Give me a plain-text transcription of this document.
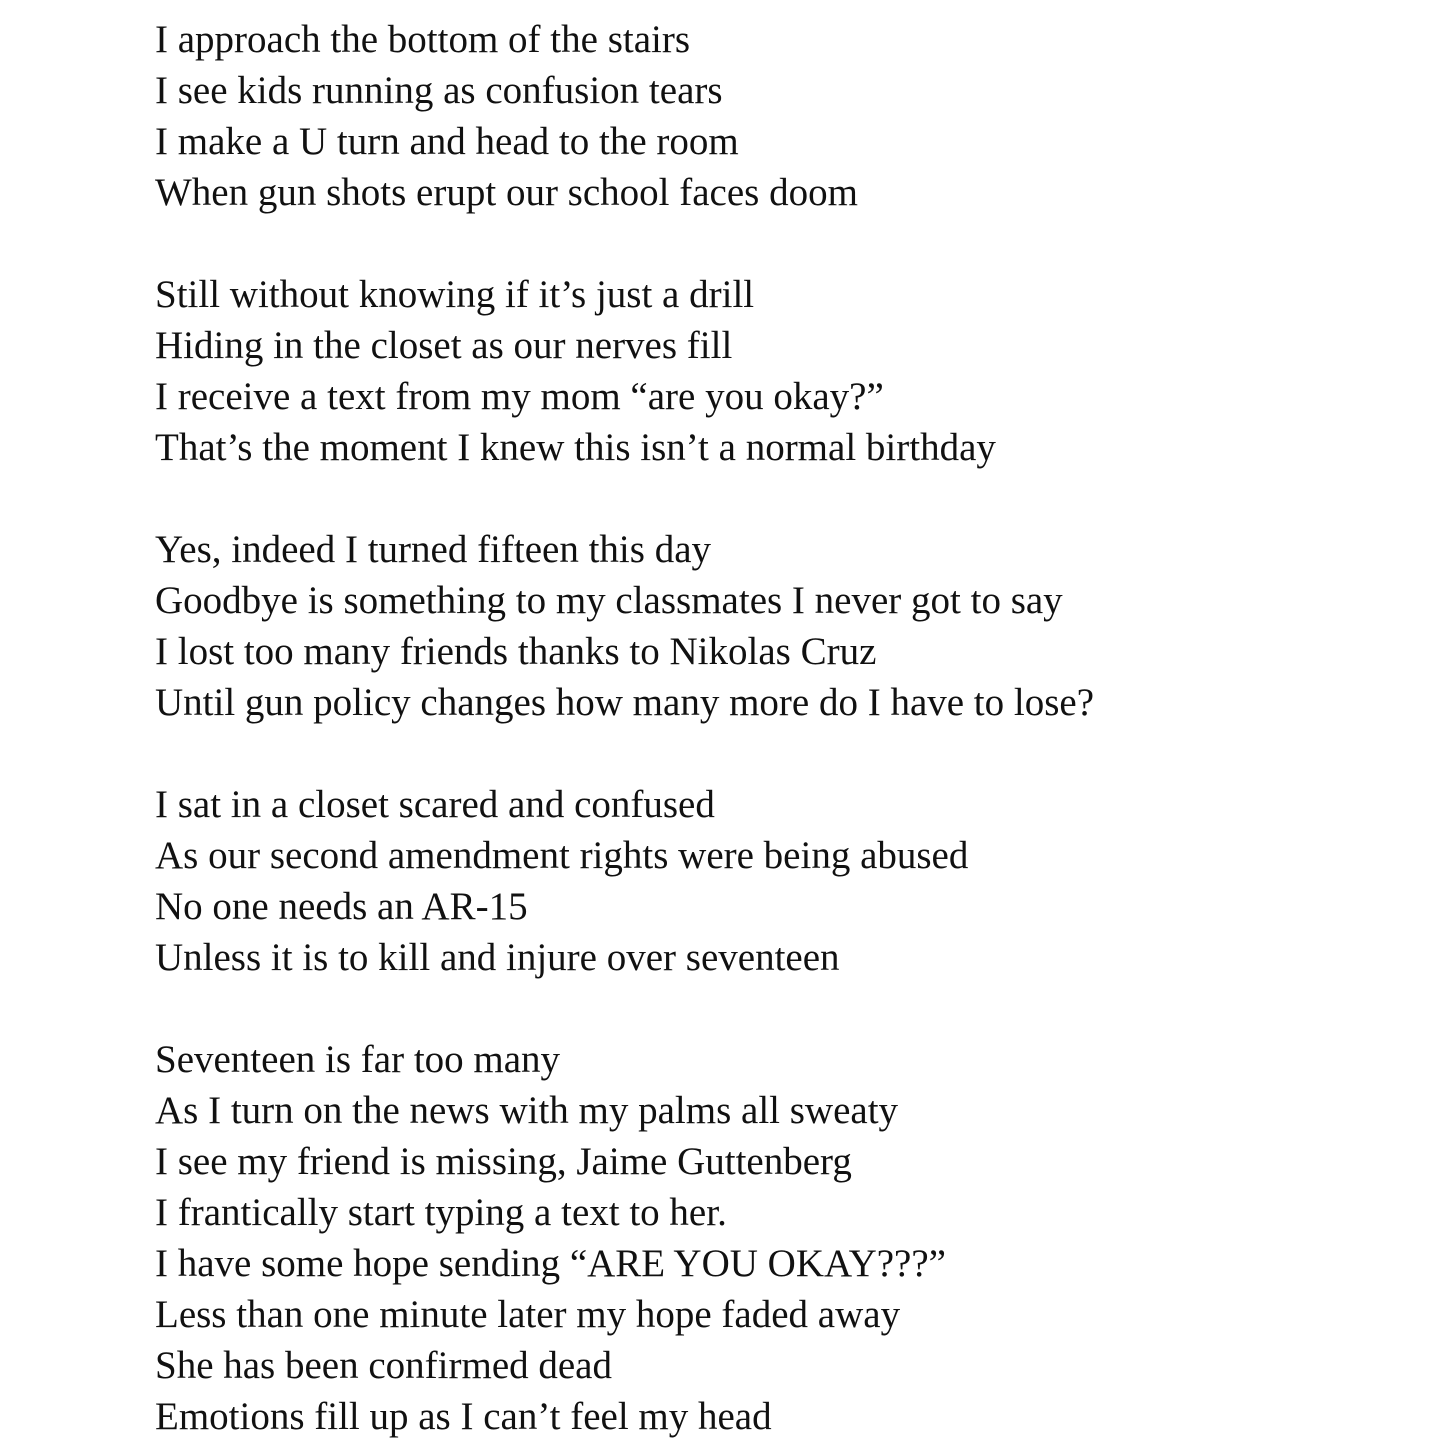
I approach the bottom of the stairs
I see kids running as confusion tears
I make a U turn and head to the room
When gun shots erupt our school faces doom
Still without knowing if it’s just a drill
Hiding in the closet as our nerves fill
I receive a text from my mom “are you okay?”
That’s the moment I knew this isn’t a normal birthday
Yes, indeed I turned fifteen this day
Goodbye is something to my classmates I never got to say
I lost too many friends thanks to Nikolas Cruz
Until gun policy changes how many more do I have to lose?
I sat in a closet scared and confused
As our second amendment rights were being abused
No one needs an AR-15
Unless it is to kill and injure over seventeen
Seventeen is far too many
As I turn on the news with my palms all sweaty
I see my friend is missing, Jaime Guttenberg
I frantically start typing a text to her.
I have some hope sending “ARE YOU OKAY???”
Less than one minute later my hope faded away
She has been confirmed dead
Emotions fill up as I can’t feel my head
